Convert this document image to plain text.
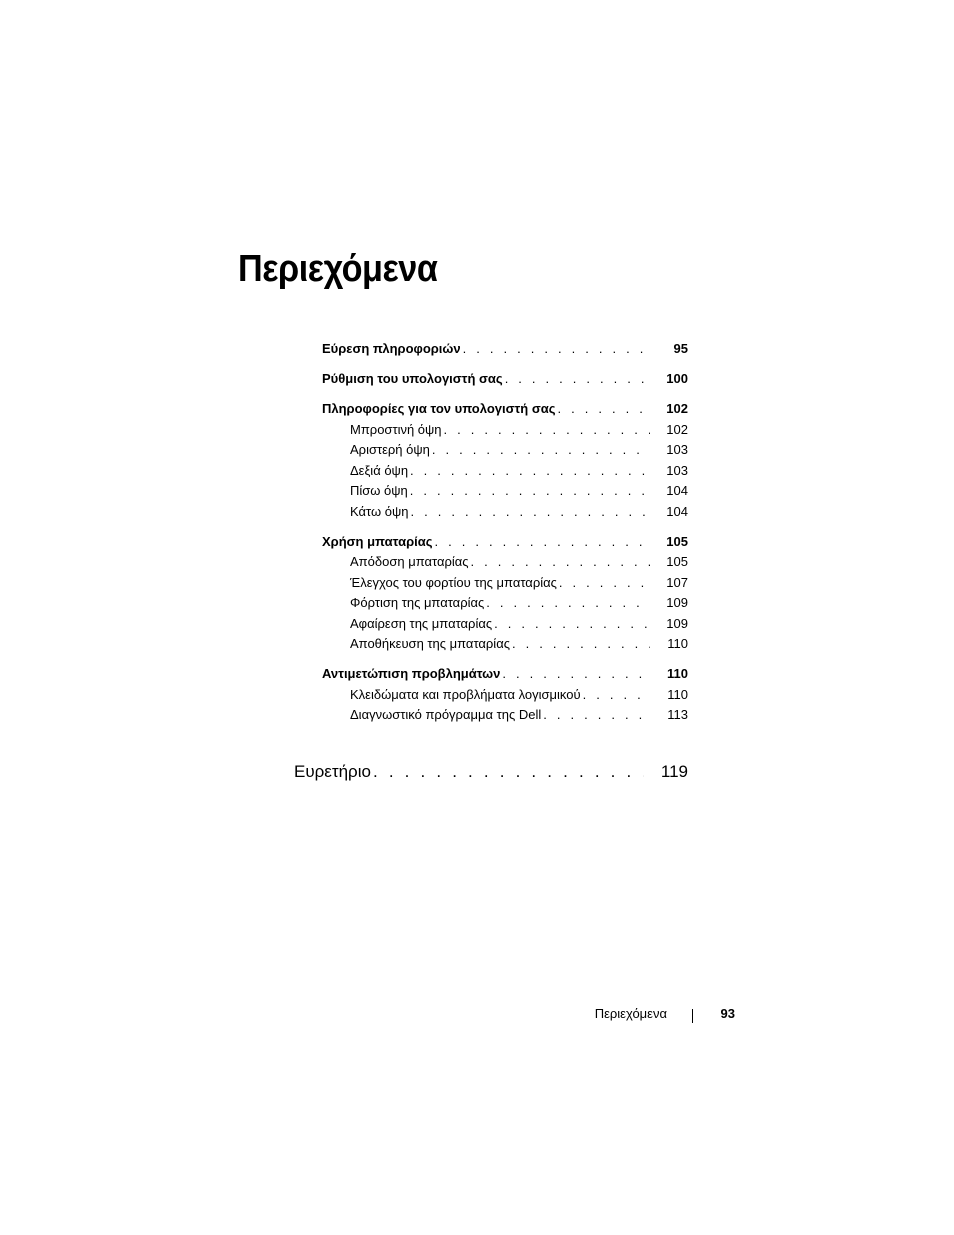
Περιεχόμενα
Εύρεση πληροφοριών . . .	95
Ρύθμιση του υπολογιστή σας . . .	100
Πληροφορίες για τον υπολογιστή σας . . .	102
Μπροστινή όψη . . .	102
Αριστερή όψη . . .	103
Δεξιά όψη . . .	103
Πίσω όψη . . .	104
Κάτω όψη . . .	104
Χρήση μπαταρίας . . .	105
Απόδοση μπαταρίας . . .	105
Έλεγχος του φορτίου της μπαταρίας . . .	107
Φόρτιση της μπαταρίας . . .	109
Αφαίρεση της μπαταρίας . . .	109
Αποθήκευση της μπαταρίας . . .	110
Αντιμετώπιση προβλημάτων . . .	110
Κλειδώματα και προβλήματα λογισμικού . . .	110
Διαγνωστικό πρόγραμμα της Dell . . .	113
Ευρετήριο . . .	119
Περιεχόμενα	93
